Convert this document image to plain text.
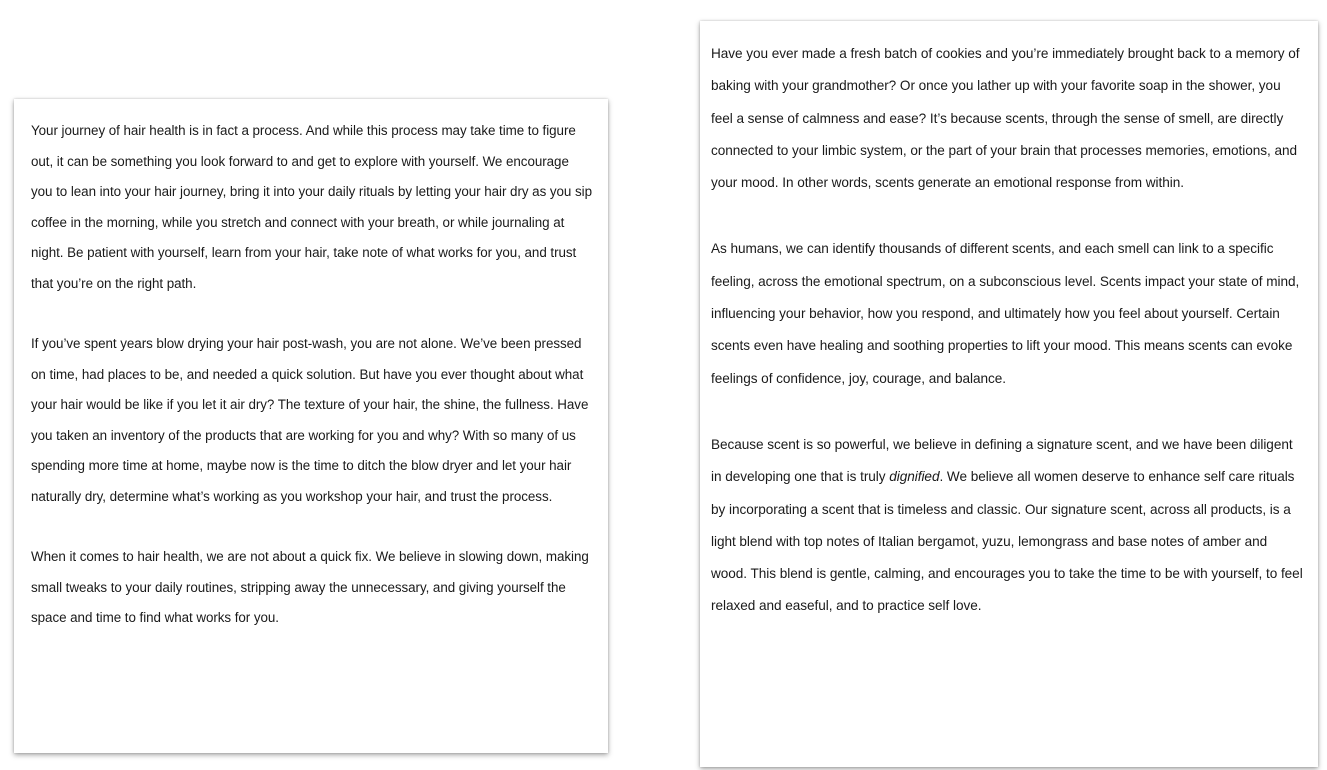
Your journey of hair health is in fact a process. And while this process may take time to figure out, it can be something you look forward to and get to explore with yourself. We encourage you to lean into your hair journey, bring it into your daily rituals by letting your hair dry as you sip coffee in the morning, while you stretch and connect with your breath, or while journaling at night. Be patient with yourself, learn from your hair, take note of what works for you, and trust that you’re on the right path.

If you’ve spent years blow drying your hair post-wash, you are not alone. We’ve been pressed on time, had places to be, and needed a quick solution. But have you ever thought about what your hair would be like if you let it air dry? The texture of your hair, the shine, the fullness. Have you taken an inventory of the products that are working for you and why? With so many of us spending more time at home, maybe now is the time to ditch the blow dryer and let your hair naturally dry, determine what’s working as you workshop your hair, and trust the process.

When it comes to hair health, we are not about a quick fix. We believe in slowing down, making small tweaks to your daily routines, stripping away the unnecessary, and giving yourself the space and time to find what works for you.

Have you ever made a fresh batch of cookies and you’re immediately brought back to a memory of baking with your grandmother? Or once you lather up with your favorite soap in the shower, you feel a sense of calmness and ease? It’s because scents, through the sense of smell, are directly connected to your limbic system, or the part of your brain that processes memories, emotions, and your mood. In other words, scents generate an emotional response from within.

As humans, we can identify thousands of different scents, and each smell can link to a specific feeling, across the emotional spectrum, on a subconscious level. Scents impact your state of mind, influencing your behavior, how you respond, and ultimately how you feel about yourself. Certain scents even have healing and soothing properties to lift your mood. This means scents can evoke feelings of confidence, joy, courage, and balance.

Because scent is so powerful, we believe in defining a signature scent, and we have been diligent in developing one that is truly dignified. We believe all women deserve to enhance self care rituals by incorporating a scent that is timeless and classic. Our signature scent, across all products, is a light blend with top notes of Italian bergamot, yuzu, lemongrass and base notes of amber and wood. This blend is gentle, calming, and encourages you to take the time to be with yourself, to feel relaxed and easeful, and to practice self love.
